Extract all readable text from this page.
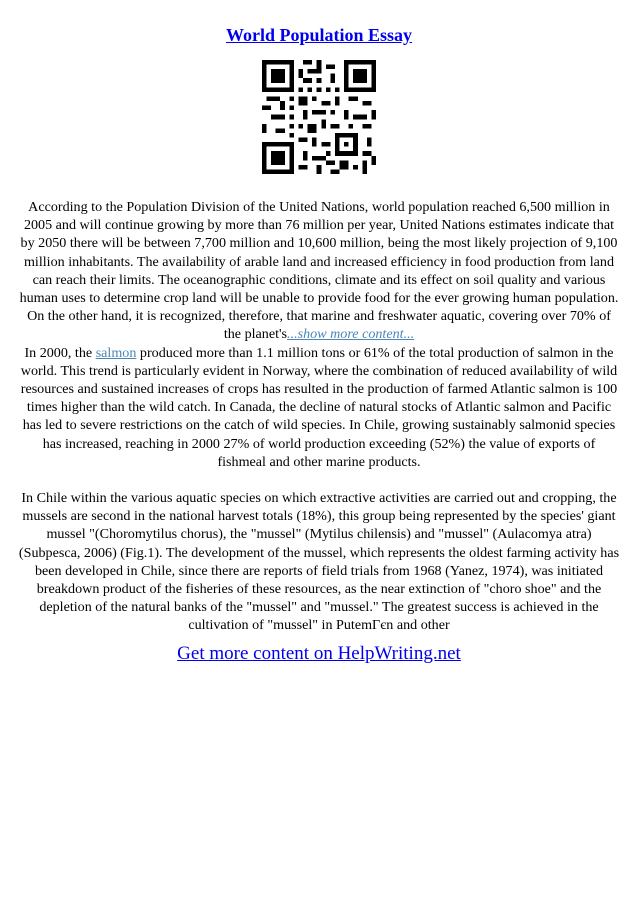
World Population Essay

According to the Population Division of the United Nations, world population reached 6,500 million in 2005 and will continue growing by more than 76 million per year, United Nations estimates indicate that by 2050 there will be between 7,700 million and 10,600 million, being the most likely projection of 9,100 million inhabitants. The availability of arable land and increased efficiency in food production from land can reach their limits. The oceanographic conditions, climate and its effect on soil quality and various human uses to determine crop land will be unable to provide food for the ever growing human population. On the other hand, it is recognized, therefore, that marine and freshwater aquatic, covering over 70% of the planet's...show more content...

In 2000, the salmon produced more than 1.1 million tons or 61% of the total production of salmon in the world. This trend is particularly evident in Norway, where the combination of reduced availability of wild resources and sustained increases of crops has resulted in the production of farmed Atlantic salmon is 100 times higher than the wild catch. In Canada, the decline of natural stocks of Atlantic salmon and Pacific has led to severe restrictions on the catch of wild species. In Chile, growing sustainably salmonid species has increased, reaching in 2000 27% of world production exceeding (52%) the value of exports of fishmeal and other marine products.

In Chile within the various aquatic species on which extractive activities are carried out and cropping, the mussels are second in the national harvest totals (18%), this group being represented by the species' giant mussel "(Choromytilus chorus), the "mussel" (Mytilus chilensis) and "mussel" (Aulacomya atra) (Subpesca, 2006) (Fig.1). The development of the mussel, which represents the oldest farming activity has been developed in Chile, since there are reports of field trials from 1968 (Yanez, 1974), was initiated breakdown product of the fisheries of these resources, as the near extinction of "choro shoe" and the depletion of the natural banks of the "mussel" and "mussel." The greatest success is achieved in the cultivation of "mussel" in PutemГєn and other

Get more content on HelpWriting.net
